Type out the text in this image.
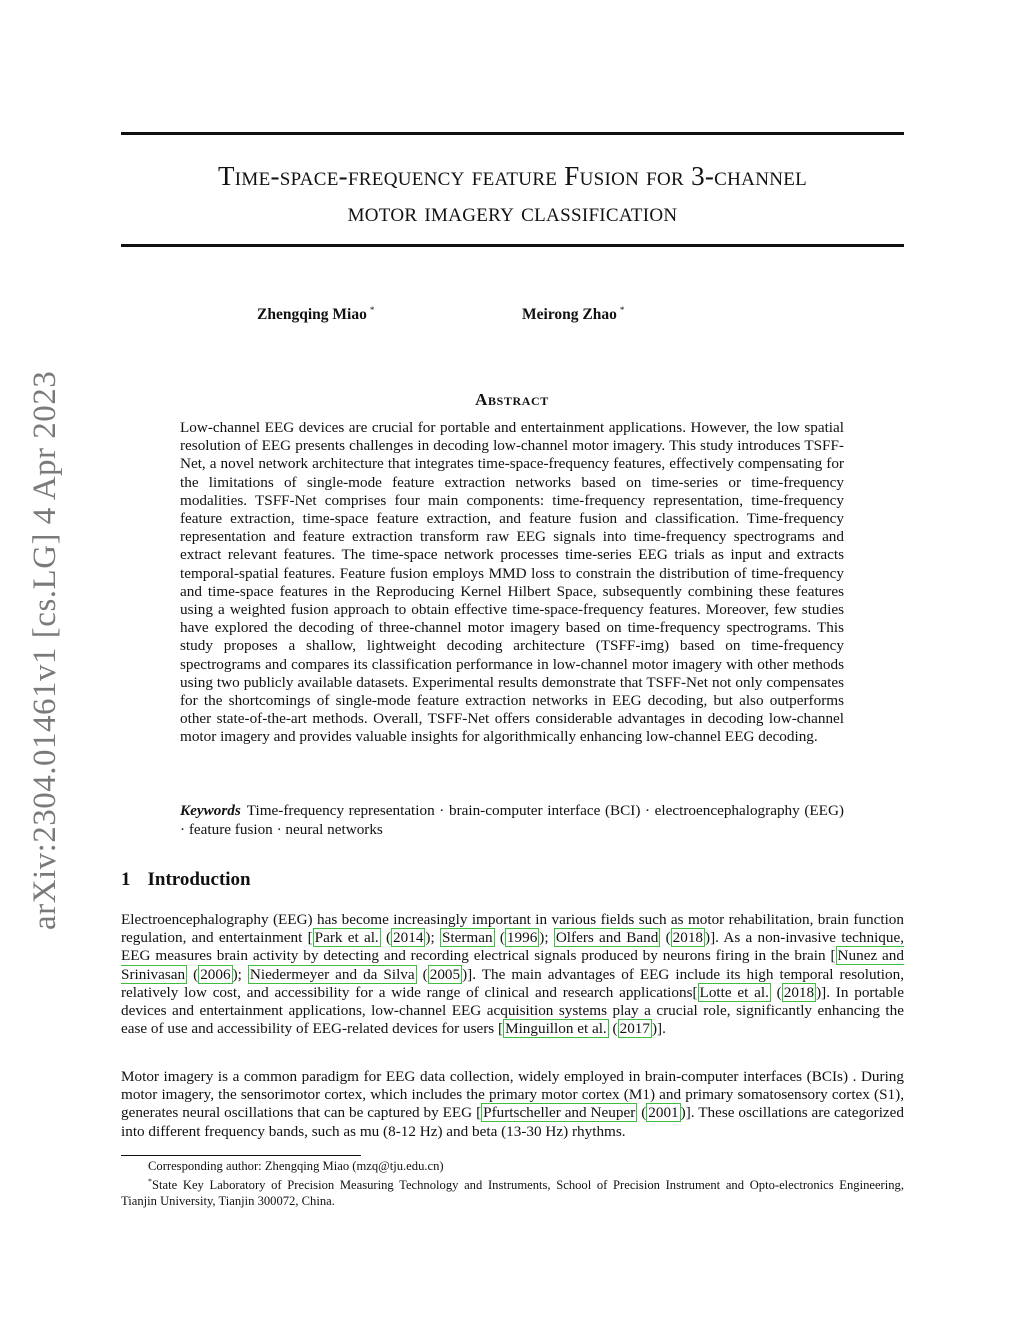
arXiv:2304.01461v1 [cs.LG] 4 Apr 2023
Time-space-frequency feature Fusion for 3-channel
motor imagery classification
Zhengqing Miao *	Meirong Zhao *
Abstract

Low-channel EEG devices are crucial for portable and entertainment applications. However, the low spatial resolution of EEG presents challenges in decoding low-channel motor imagery. This study introduces TSFF-Net, a novel network architecture that integrates time-space-frequency features, effectively compensating for the limitations of single-mode feature extraction networks based on time-series or time-frequency modalities. TSFF-Net comprises four main components: time-frequency representation, time-frequency feature extraction, time-space feature extraction, and feature fusion and classification. Time-frequency representation and feature extraction transform raw EEG signals into time-frequency spectrograms and extract relevant features. The time-space network processes time-series EEG trials as input and extracts temporal-spatial features. Feature fusion employs MMD loss to constrain the distribution of time-frequency and time-space features in the Reproducing Kernel Hilbert Space, subsequently combining these features using a weighted fusion approach to obtain effective time-space-frequency features. Moreover, few studies have explored the decoding of three-channel motor imagery based on time-frequency spectrograms. This study proposes a shallow, lightweight decoding architecture (TSFF-img) based on time-frequency spectrograms and compares its classification performance in low-channel motor imagery with other methods using two publicly available datasets. Experimental results demonstrate that TSFF-Net not only compensates for the shortcomings of single-mode feature extraction networks in EEG decoding, but also outperforms other state-of-the-art methods. Overall, TSFF-Net offers considerable advantages in decoding low-channel motor imagery and provides valuable insights for algorithmically enhancing low-channel EEG decoding.

Keywords Time-frequency representation · brain-computer interface (BCI) · electroencephalography (EEG) · feature fusion · neural networks

1 Introduction

Electroencephalography (EEG) has become increasingly important in various fields such as motor rehabilitation, brain function regulation, and entertainment [ Park et al. ( 2014 ); Sterman ( 1996 ); Olfers and Band ( 2018 )]. As a non-invasive technique, EEG measures brain activity by detecting and recording electrical signals produced by neurons firing in the brain [ Nunez and Srinivasan ( 2006 ); Niedermeyer and da Silva ( 2005 )]. The main advantages of EEG include its high temporal resolution, relatively low cost, and accessibility for a wide range of clinical and research applications[ Lotte et al. ( 2018 )]. In portable devices and entertainment applications, low-channel EEG acquisition systems play a crucial role, significantly enhancing the ease of use and accessibility of EEG-related devices for users [ Minguillon et al. ( 2017 )].

Motor imagery is a common paradigm for EEG data collection, widely employed in brain-computer interfaces (BCIs) . During motor imagery, the sensorimotor cortex, which includes the primary motor cortex (M1) and primary somatosensory cortex (S1), generates neural oscillations that can be captured by EEG [ Pfurtscheller and Neuper ( 2001 )]. These oscillations are categorized into different frequency bands, such as mu (8-12 Hz) and beta (13-30 Hz) rhythms.

Corresponding author: Zhengqing Miao (mzq@tju.edu.cn)

*State Key Laboratory of Precision Measuring Technology and Instruments, School of Precision Instrument and Opto-electronics Engineering, Tianjin University, Tianjin 300072, China.
